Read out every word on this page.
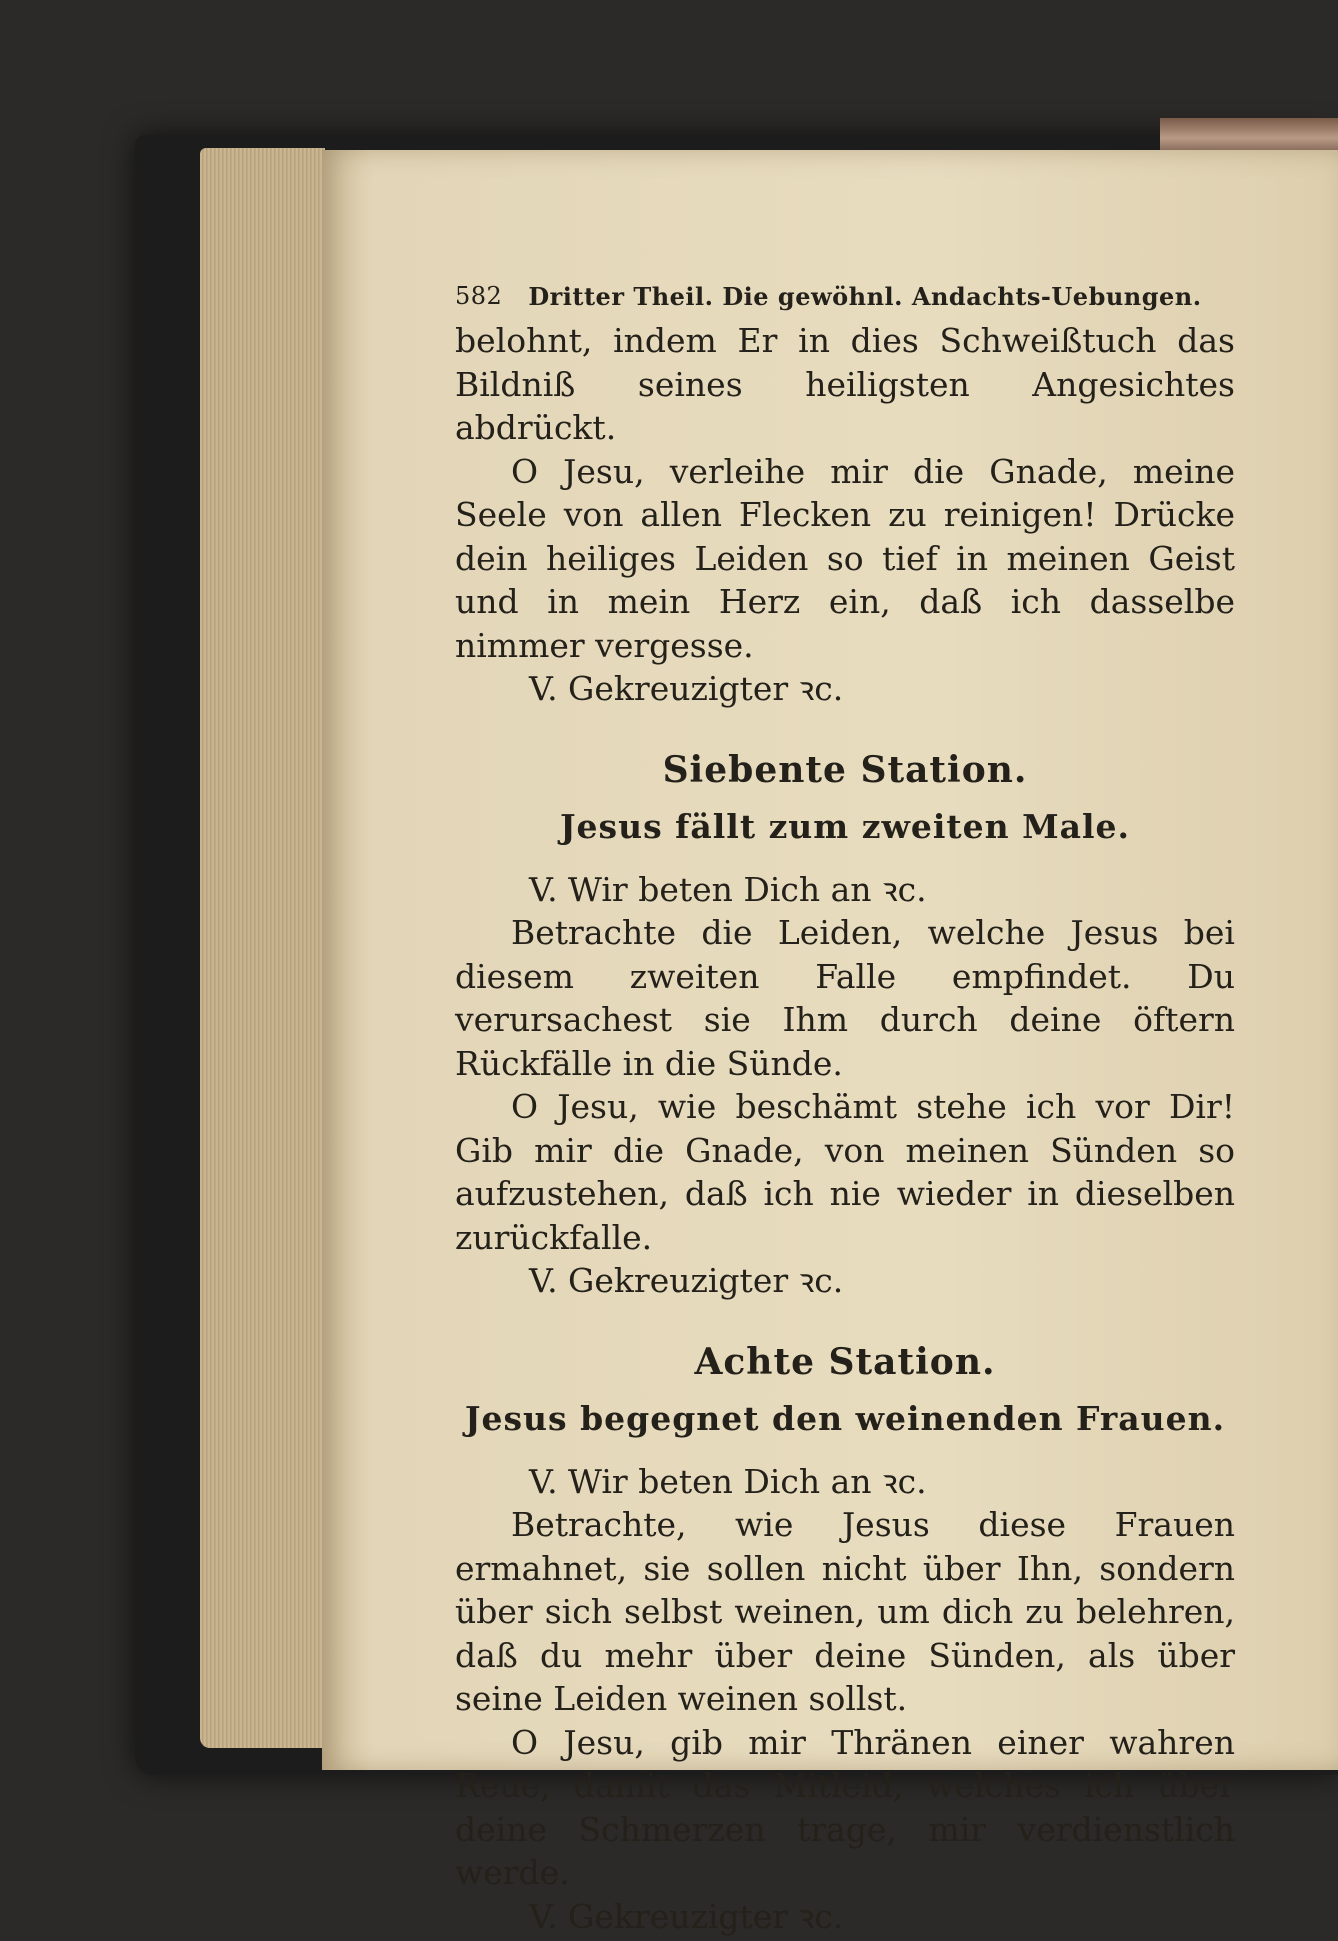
582 Dritter Theil. Die gewöhnl. Andachts-Uebungen.

belohnt, indem Er in dies Schweißtuch das Bildniß seines heiligsten Angesichtes abdrückt.

O Jesu, verleihe mir die Gnade, meine Seele von allen Flecken zu reinigen! Drücke dein heiliges Leiden so tief in meinen Geist und in mein Herz ein, daß ich dasselbe nimmer vergesse.

V. Gekreuzigter ꝛc.

Siebente Station.
Jesus fällt zum zweiten Male.

V. Wir beten Dich an ꝛc.

Betrachte die Leiden, welche Jesus bei diesem zweiten Falle empfindet. Du verursachest sie Ihm durch deine öftern Rückfälle in die Sünde.

O Jesu, wie beschämt stehe ich vor Dir! Gib mir die Gnade, von meinen Sünden so aufzustehen, daß ich nie wieder in dieselben zurückfalle.

V. Gekreuzigter ꝛc.

Achte Station.
Jesus begegnet den weinenden Frauen.

V. Wir beten Dich an ꝛc.

Betrachte, wie Jesus diese Frauen ermahnet, sie sollen nicht über Ihn, sondern über sich selbst weinen, um dich zu belehren, daß du mehr über deine Sünden, als über seine Leiden weinen sollst.

O Jesu, gib mir Thränen einer wahren Reue, damit das Mitleid, welches ich über deine Schmerzen trage, mir verdienstlich werde.

V. Gekreuzigter ꝛc.
